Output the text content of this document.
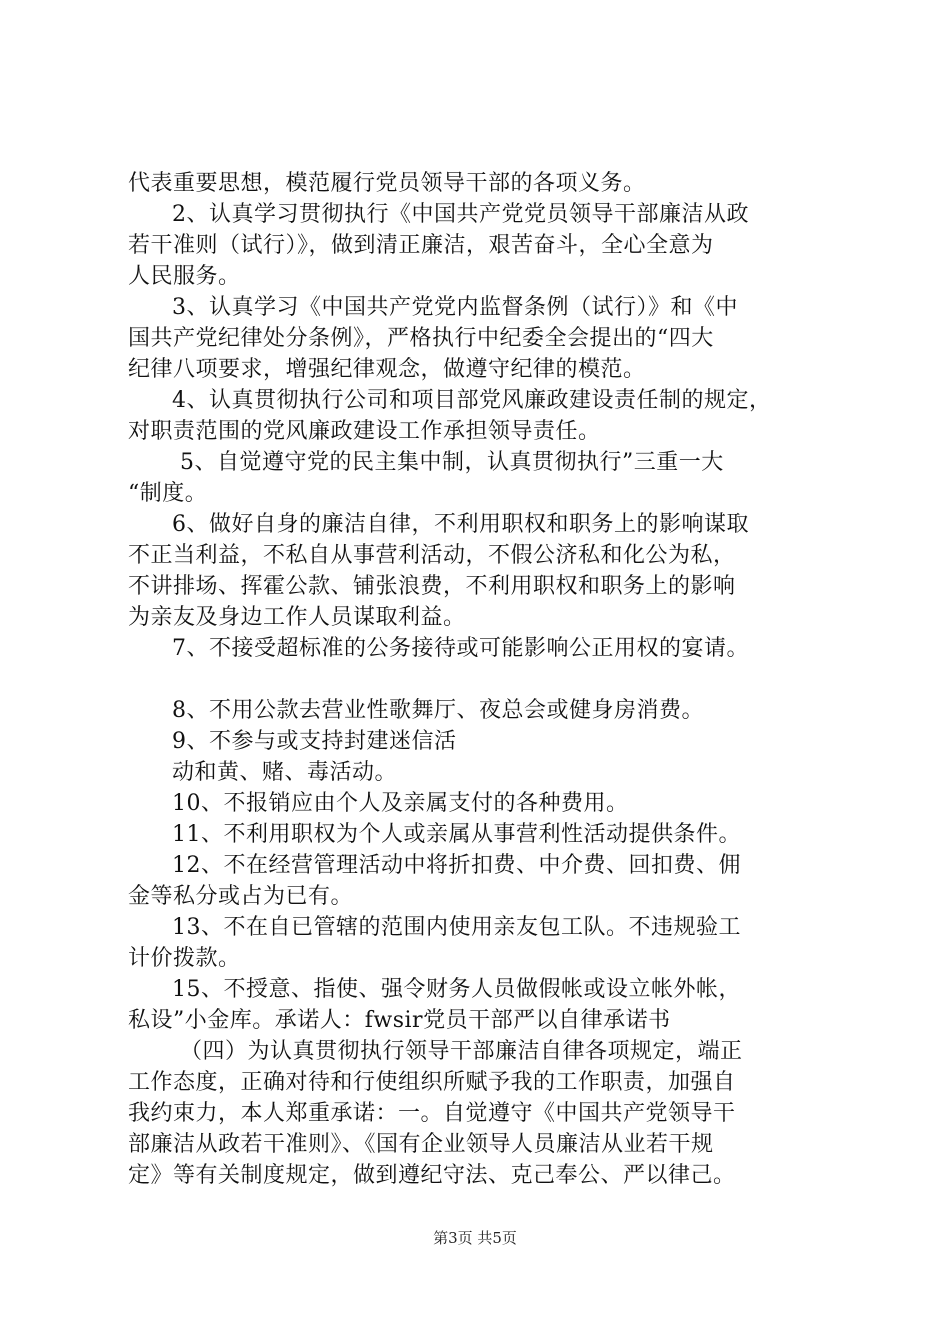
代表重要思想，模范履行党员领导干部的各项义务。
2、认真学习贯彻执行《中国共产党党员领导干部廉洁从政
若干准则（试行）》，做到清正廉洁，艰苦奋斗，全心全意为
人民服务。
3、认真学习《中国共产党党内监督条例（试行）》和《中
国共产党纪律处分条例》，严格执行中纪委全会提出的“四大
纪律八项要求，增强纪律观念，做遵守纪律的模范。
4、认真贯彻执行公司和项目部党风廉政建设责任制的规定，
对职责范围的党风廉政建设工作承担领导责任。
5、自觉遵守党的民主集中制，认真贯彻执行”三重一大
“制度。
6、做好自身的廉洁自律，不利用职权和职务上的影响谋取
不正当利益，不私自从事营利活动，不假公济私和化公为私，
不讲排场、挥霍公款、铺张浪费，不利用职权和职务上的影响
为亲友及身边工作人员谋取利益。
7、不接受超标准的公务接待或可能影响公正用权的宴请。
8、不用公款去营业性歌舞厅、夜总会或健身房消费。
9、不参与或支持封建迷信活
动和黄、赌、毒活动。
10、不报销应由个人及亲属支付的各种费用。
11、不利用职权为个人或亲属从事营利性活动提供条件。
12、不在经营管理活动中将折扣费、中介费、回扣费、佣
金等私分或占为已有。
13、不在自已管辖的范围内使用亲友包工队。不违规验工
计价拨款。
15、不授意、指使、强令财务人员做假帐或设立帐外帐，
私设”小金库。承诺人：fwsir党员干部严以自律承诺书
（四）为认真贯彻执行领导干部廉洁自律各项规定，端正
工作态度，正确对待和行使组织所赋予我的工作职责，加强自
我约束力，本人郑重承诺：一。自觉遵守《中国共产党领导干
部廉洁从政若干准则》、《国有企业领导人员廉洁从业若干规
定》等有关制度规定，做到遵纪守法、克己奉公、严以律己。
第3页 共5页
